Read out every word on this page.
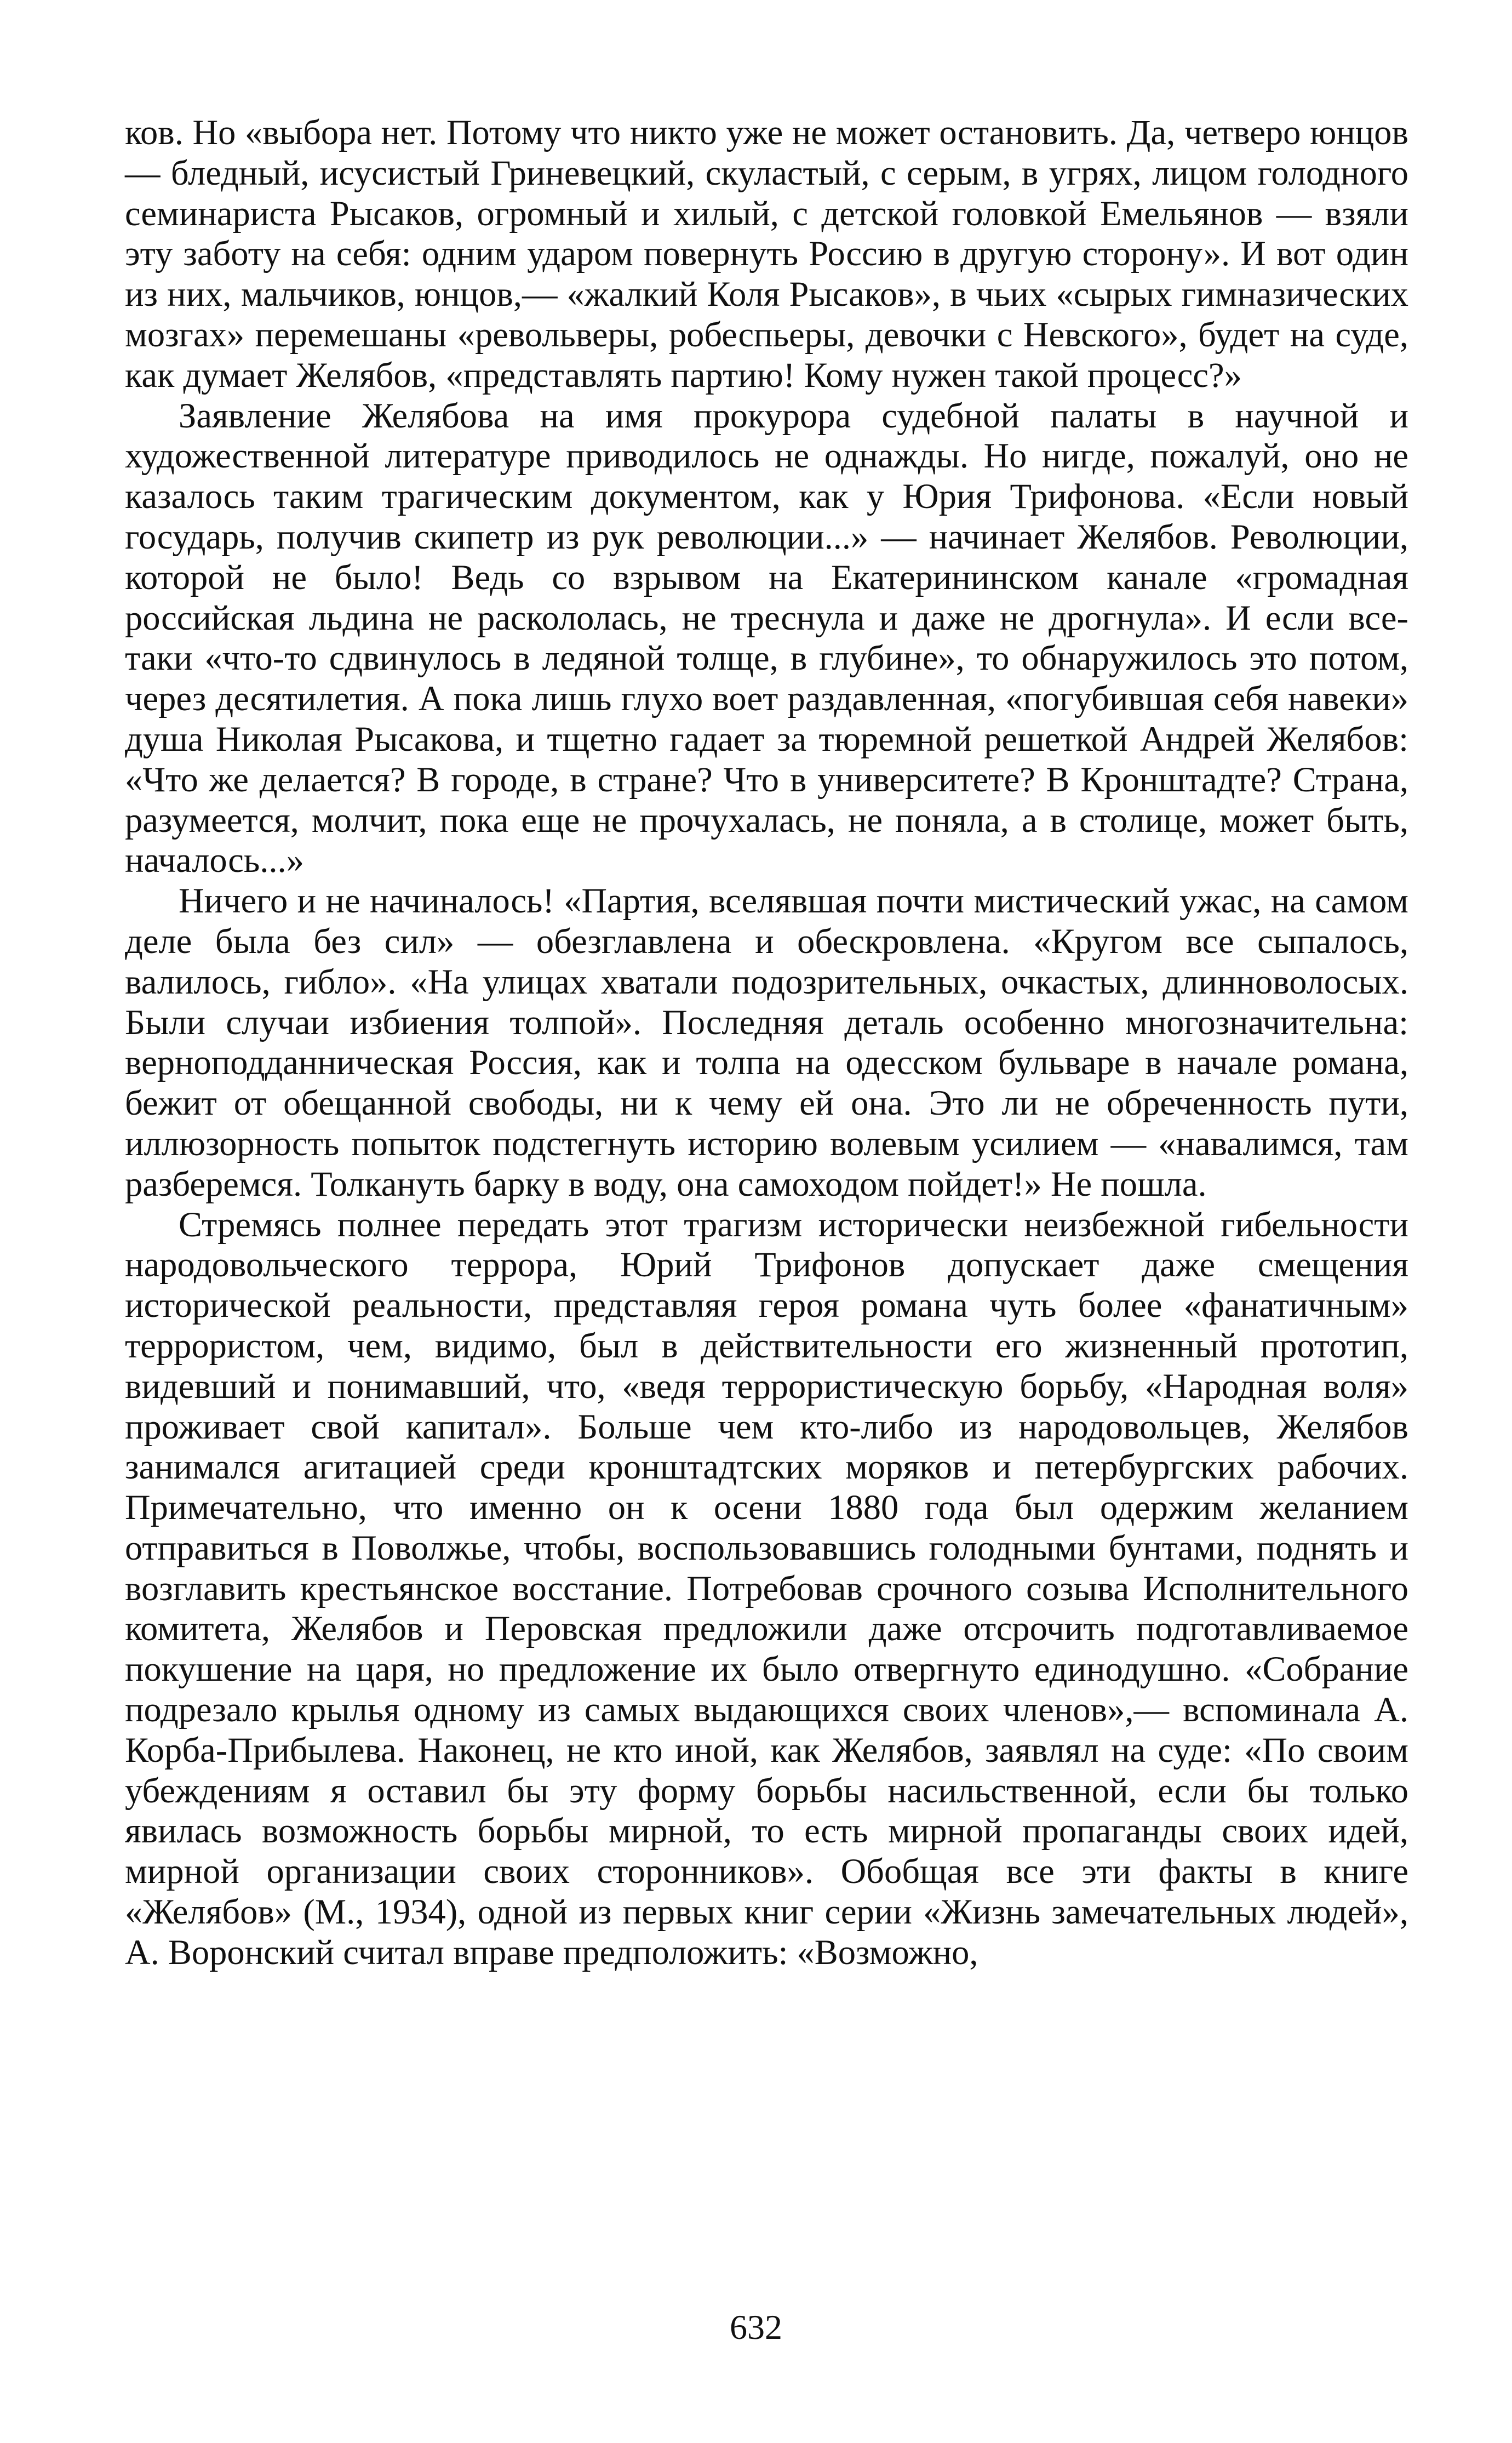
ков. Но «выбора нет. Потому что никто уже не может остановить. Да, четверо юнцов — бледный, исусистый Гриневецкий, скуластый, с серым, в угрях, лицом голодного семинариста Рысаков, огромный и хилый, с детской головкой Емельянов — взяли эту заботу на себя: одним ударом повернуть Россию в другую сторону». И вот один из них, мальчиков, юнцов,— «жалкий Коля Рысаков», в чьих «сырых гимназических мозгах» перемешаны «револьверы, робеспьеры, девочки с Невского», будет на суде, как думает Желябов, «представлять партию! Кому нужен такой процесс?»

Заявление Желябова на имя прокурора судебной палаты в научной и художественной литературе приводилось не однажды. Но нигде, пожалуй, оно не казалось таким трагическим документом, как у Юрия Трифонова. «Если новый государь, получив скипетр из рук революции...» — начинает Желябов. Революции, которой не было! Ведь со взрывом на Екатерининском канале «громадная российская льдина не раскололась, не треснула и даже не дрогнула». И если все-таки «что-то сдвинулось в ледяной толще, в глубине», то обнаружилось это потом, через десятилетия. А пока лишь глухо воет раздавленная, «погубившая себя навеки» душа Николая Рысакова, и тщетно гадает за тюремной решеткой Андрей Желябов: «Что же делается? В городе, в стране? Что в университете? В Кронштадте? Страна, разумеется, молчит, пока еще не прочухалась, не поняла, а в столице, может быть, началось...»

Ничего и не начиналось! «Партия, вселявшая почти мистический ужас, на самом деле была без сил» — обезглавлена и обескровлена. «Кругом все сыпалось, валилось, гибло». «На улицах хватали подозрительных, очкастых, длинноволосых. Были случаи избиения толпой». Последняя деталь особенно многозначительна: верноподданническая Россия, как и толпа на одесском бульваре в начале романа, бежит от обещанной свободы, ни к чему ей она. Это ли не обреченность пути, иллюзорность попыток подстегнуть историю волевым усилием — «навалимся, там разберемся. Толкануть барку в воду, она самоходом пойдет!» Не пошла.

Стремясь полнее передать этот трагизм исторически неизбежной гибельности народовольческого террора, Юрий Трифонов допускает даже смещения исторической реальности, представляя героя романа чуть более «фанатичным» террористом, чем, видимо, был в действительности его жизненный прототип, видевший и понимавший, что, «ведя террористическую борьбу, «Народная воля» проживает свой капитал». Больше чем кто-либо из народовольцев, Желябов занимался агитацией среди кронштадтских моряков и петербургских рабочих. Примечательно, что именно он к осени 1880 года был одержим желанием отправиться в Поволжье, чтобы, воспользовавшись голодными бунтами, поднять и возглавить крестьянское восстание. Потребовав срочного созыва Исполнительного комитета, Желябов и Перовская предложили даже отсрочить подготавливаемое покушение на царя, но предложение их было отвергнуто единодушно. «Собрание подрезало крылья одному из самых выдающихся своих членов»,— вспоминала А. Корба-Прибылева. Наконец, не кто иной, как Желябов, заявлял на суде: «По своим убеждениям я оставил бы эту форму борьбы насильственной, если бы только явилась возможность борьбы мирной, то есть мирной пропаганды своих идей, мирной организации своих сторонников». Обобщая все эти факты в книге «Желябов» (М., 1934), одной из первых книг серии «Жизнь замечательных людей», А. Воронский считал вправе предположить: «Возможно,

632
